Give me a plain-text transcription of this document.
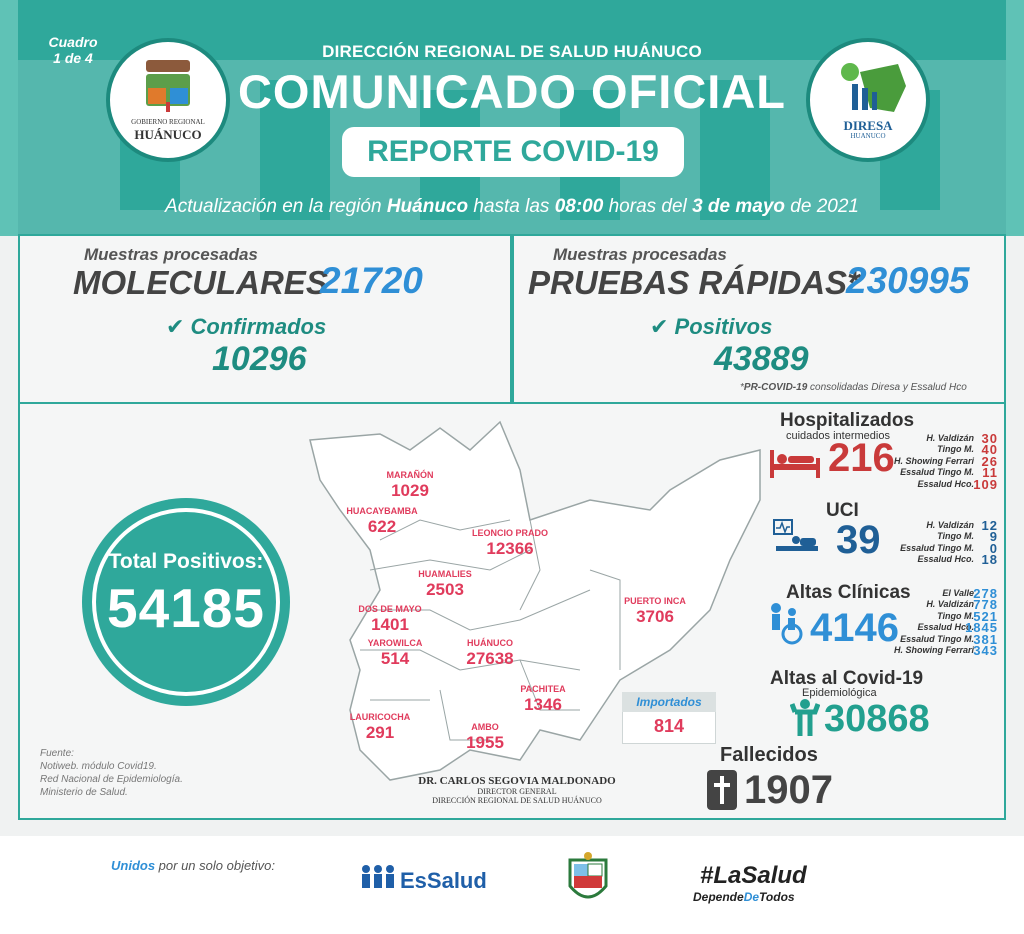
Cuadro
1 de 4
GOBIERNO REGIONAL
HUÁNUCO
DIRESA
HUANUCO
DIRECCIÓN REGIONAL DE SALUD HUÁNUCO
COMUNICADO OFICIAL
REPORTE COVID-19
Actualización en la región Huánuco hasta las 08:00 horas del 3 de mayo de 2021
Muestras procesadas
MOLECULARES
21720
✔ Confirmados
10296
Muestras procesadas
PRUEBAS RÁPIDAS*
230995
✔ Positivos
43889
*PR-COVID-19 consolidadas Diresa y Essalud Hco
Total Positivos:
54185
Fuente:
Notiweb. módulo Covid19.
Red Nacional de Epidemiología.
Ministerio de Salud.
MARAÑÓN
1029
HUACAYBAMBA
622	LEONCIO PRADO
12366
HUAMALIES
2503
PUERTO INCA
3706
DOS DE MAYO
1401
YAROWILCA
514
HUÁNUCO
27638
PACHITEA
1346
LAURICOCHA
291	AMBO
1955
Importados
814
DR. CARLOS SEGOVIA MALDONADO
DIRECTOR GENERAL
DIRECCIÓN REGIONAL DE SALUD HUÁNUCO
Hospitalizados
cuidados intermedios
216	H. Valdizán 30
Tingo M. 40
H. Showing Ferrari 26
Essalud Tingo M. 11
Essalud Hco. 109
UCI
39	H. Valdizán 12
Tingo M. 9
Essalud Tingo M. 0
Essalud Hco. 18
Altas Clínicas
4146
El Valle 278
H. Valdizán 778
Tingo M. 521
Essalud Hco.
1845
Essalud Tingo M. 381
H. Showing Ferrari 343
Altas al Covid-19
Epidemiológica
30868
Fallecidos
1907
Unidos por un solo objetivo:
EsSalud	#LaSalud
DependeDeTodos
